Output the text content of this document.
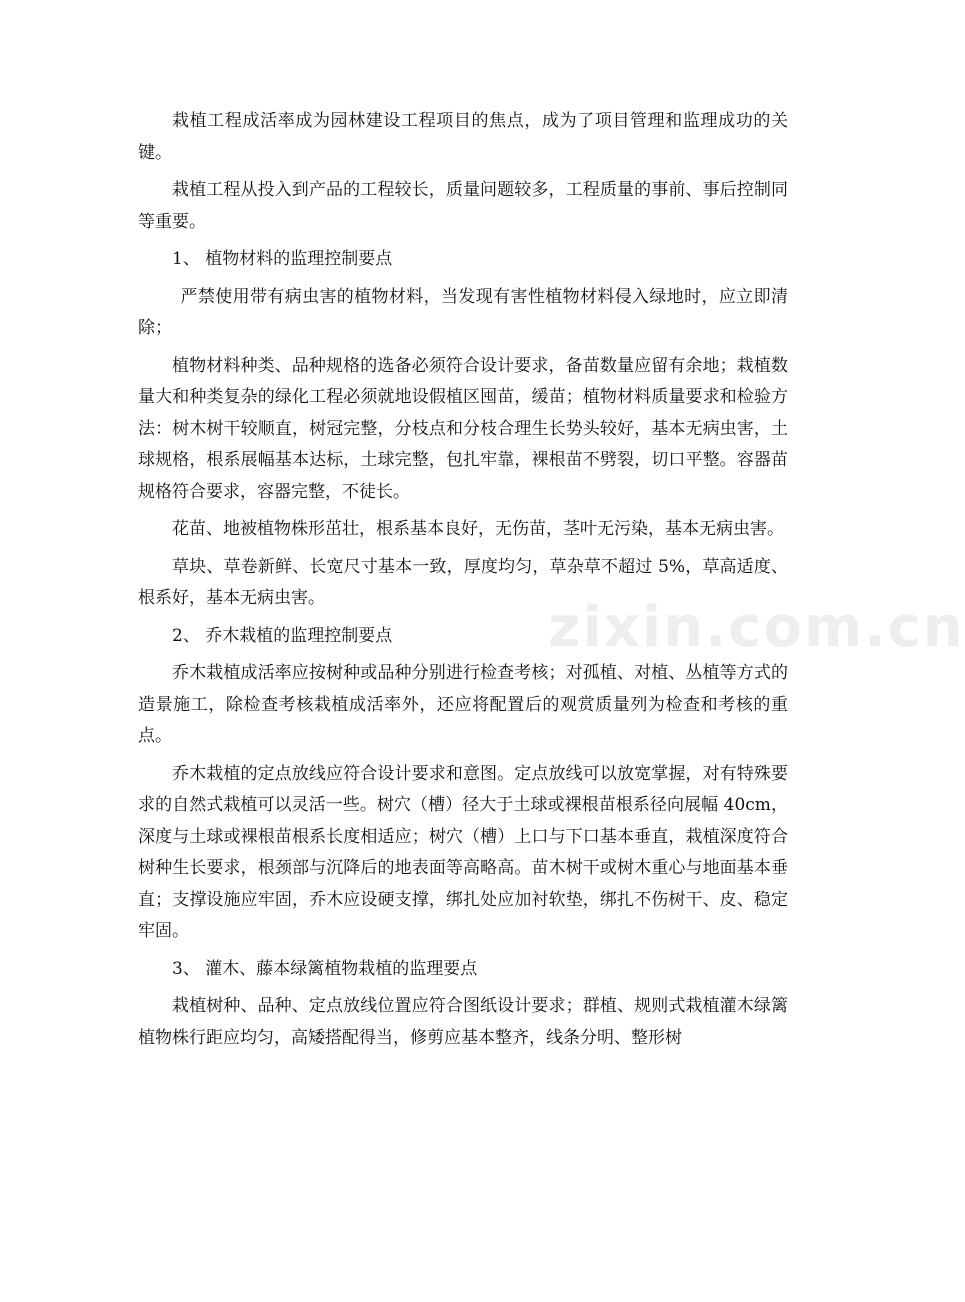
栽植工程成活率成为园林建设工程项目的焦点，成为了项目管理和监理成功的关键。

栽植工程从投入到产品的工程较长，质量问题较多，工程质量的事前、事后控制同等重要。

1、 植物材料的监理控制要点

严禁使用带有病虫害的植物材料，当发现有害性植物材料侵入绿地时，应立即清除；

植物材料种类、品种规格的选备必须符合设计要求，备苗数量应留有余地；栽植数量大和种类复杂的绿化工程必须就地设假植区囤苗，缓苗；植物材料质量要求和检验方法：树木树干较顺直，树冠完整，分枝点和分枝合理生长势头较好，基本无病虫害，土球规格，根系展幅基本达标，土球完整，包扎牢靠，裸根苗不劈裂，切口平整。容器苗规格符合要求，容器完整，不徒长。

花苗、地被植物株形茁壮，根系基本良好，无伤苗，茎叶无污染，基本无病虫害。

草块、草卷新鲜、长宽尺寸基本一致，厚度均匀，草杂草不超过 5%，草高适度、根系好，基本无病虫害。

2、 乔木栽植的监理控制要点

乔木栽植成活率应按树种或品种分别进行检查考核；对孤植、对植、丛植等方式的造景施工，除检查考核栽植成活率外，还应将配置后的观赏质量列为检查和考核的重点。

乔木栽植的定点放线应符合设计要求和意图。定点放线可以放宽掌握，对有特殊要求的自然式栽植可以灵活一些。树穴（槽）径大于土球或裸根苗根系径向展幅 40cm，深度与土球或裸根苗根系长度相适应；树穴（槽）上口与下口基本垂直，栽植深度符合树种生长要求，根颈部与沉降后的地表面等高略高。苗木树干或树木重心与地面基本垂直；支撑设施应牢固，乔木应设硬支撑，绑扎处应加衬软垫，绑扎不伤树干、皮、稳定牢固。

3、 灌木、藤本绿篱植物栽植的监理要点

栽植树种、品种、定点放线位置应符合图纸设计要求；群植、规则式栽植灌木绿篱植物株行距应均匀，高矮搭配得当，修剪应基本整齐，线条分明、整形树

zixin.com.cn
